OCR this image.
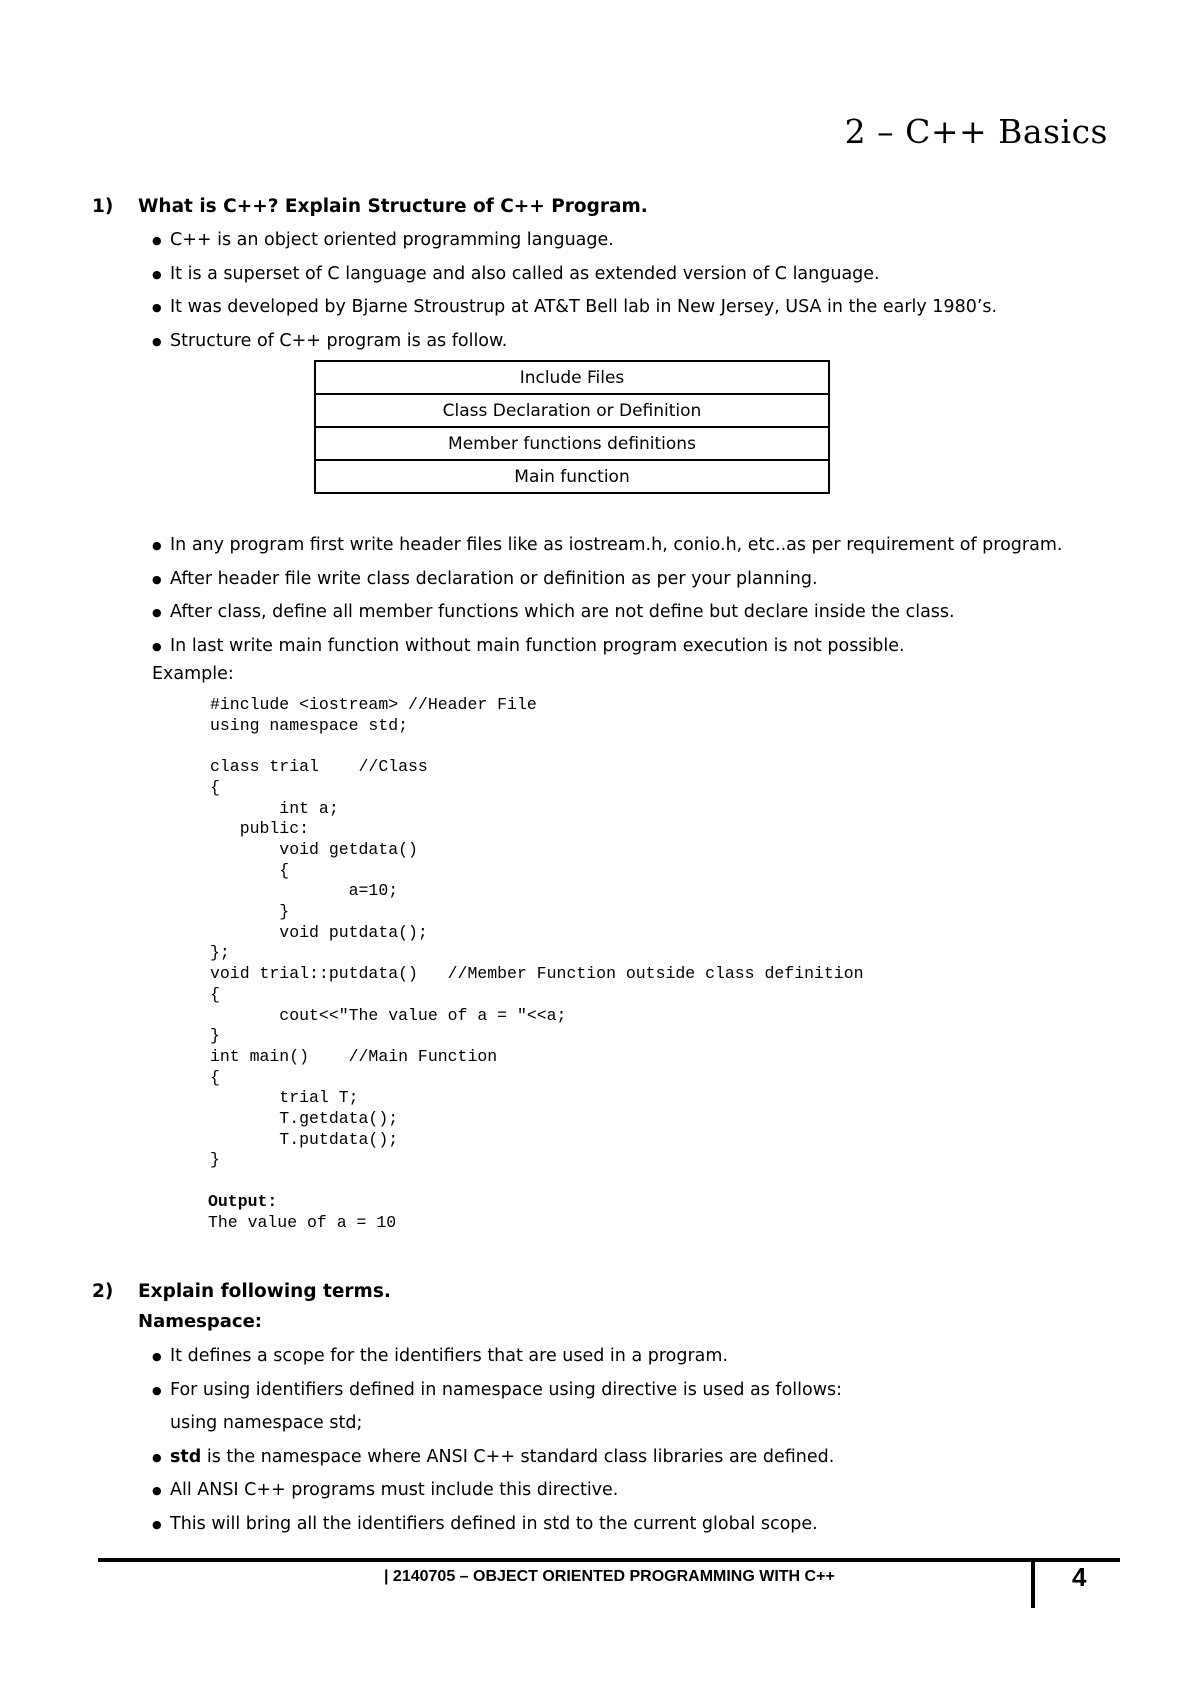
2 – C++ Basics
1) What is C++? Explain Structure of C++ Program.
● C++ is an object oriented programming language.
● It is a superset of C language and also called as extended version of C language.
● It was developed by Bjarne Stroustrup at AT&T Bell lab in New Jersey, USA in the early 1980’s.
● Structure of C++ program is as follow.
Include Files
Class Declaration or Definition
Member functions definitions
Main function
● In any program first write header files like as iostream.h, conio.h, etc..as per requirement of program.
● After header file write class declaration or definition as per your planning.
● After class, define all member functions which are not define but declare inside the class.
● In last write main function without main function program execution is not possible.

Example:

#include <iostream> //Header File
using namespace std;

class trial    //Class
{
int a;
public:
void getdata()
{
a=10;
}
void putdata();
};
void trial::putdata()   //Member Function outside class definition
{
cout<<"The value of a = "<<a;
}
int main()    //Main Function
{
trial T;
T.getdata();
T.putdata();
}
Output:
The value of a = 10
2) Explain following terms.

Namespace:

● It defines a scope for the identifiers that are used in a program.
● For using identifiers defined in namespace using directive is used as follows:
using namespace std;
● std is the namespace where ANSI C++ standard class libraries are defined.
● All ANSI C++ programs must include this directive.
● This will bring all the identifiers defined in std to the current global scope.

| 2140705 – OBJECT ORIENTED PROGRAMMING WITH C++	4
